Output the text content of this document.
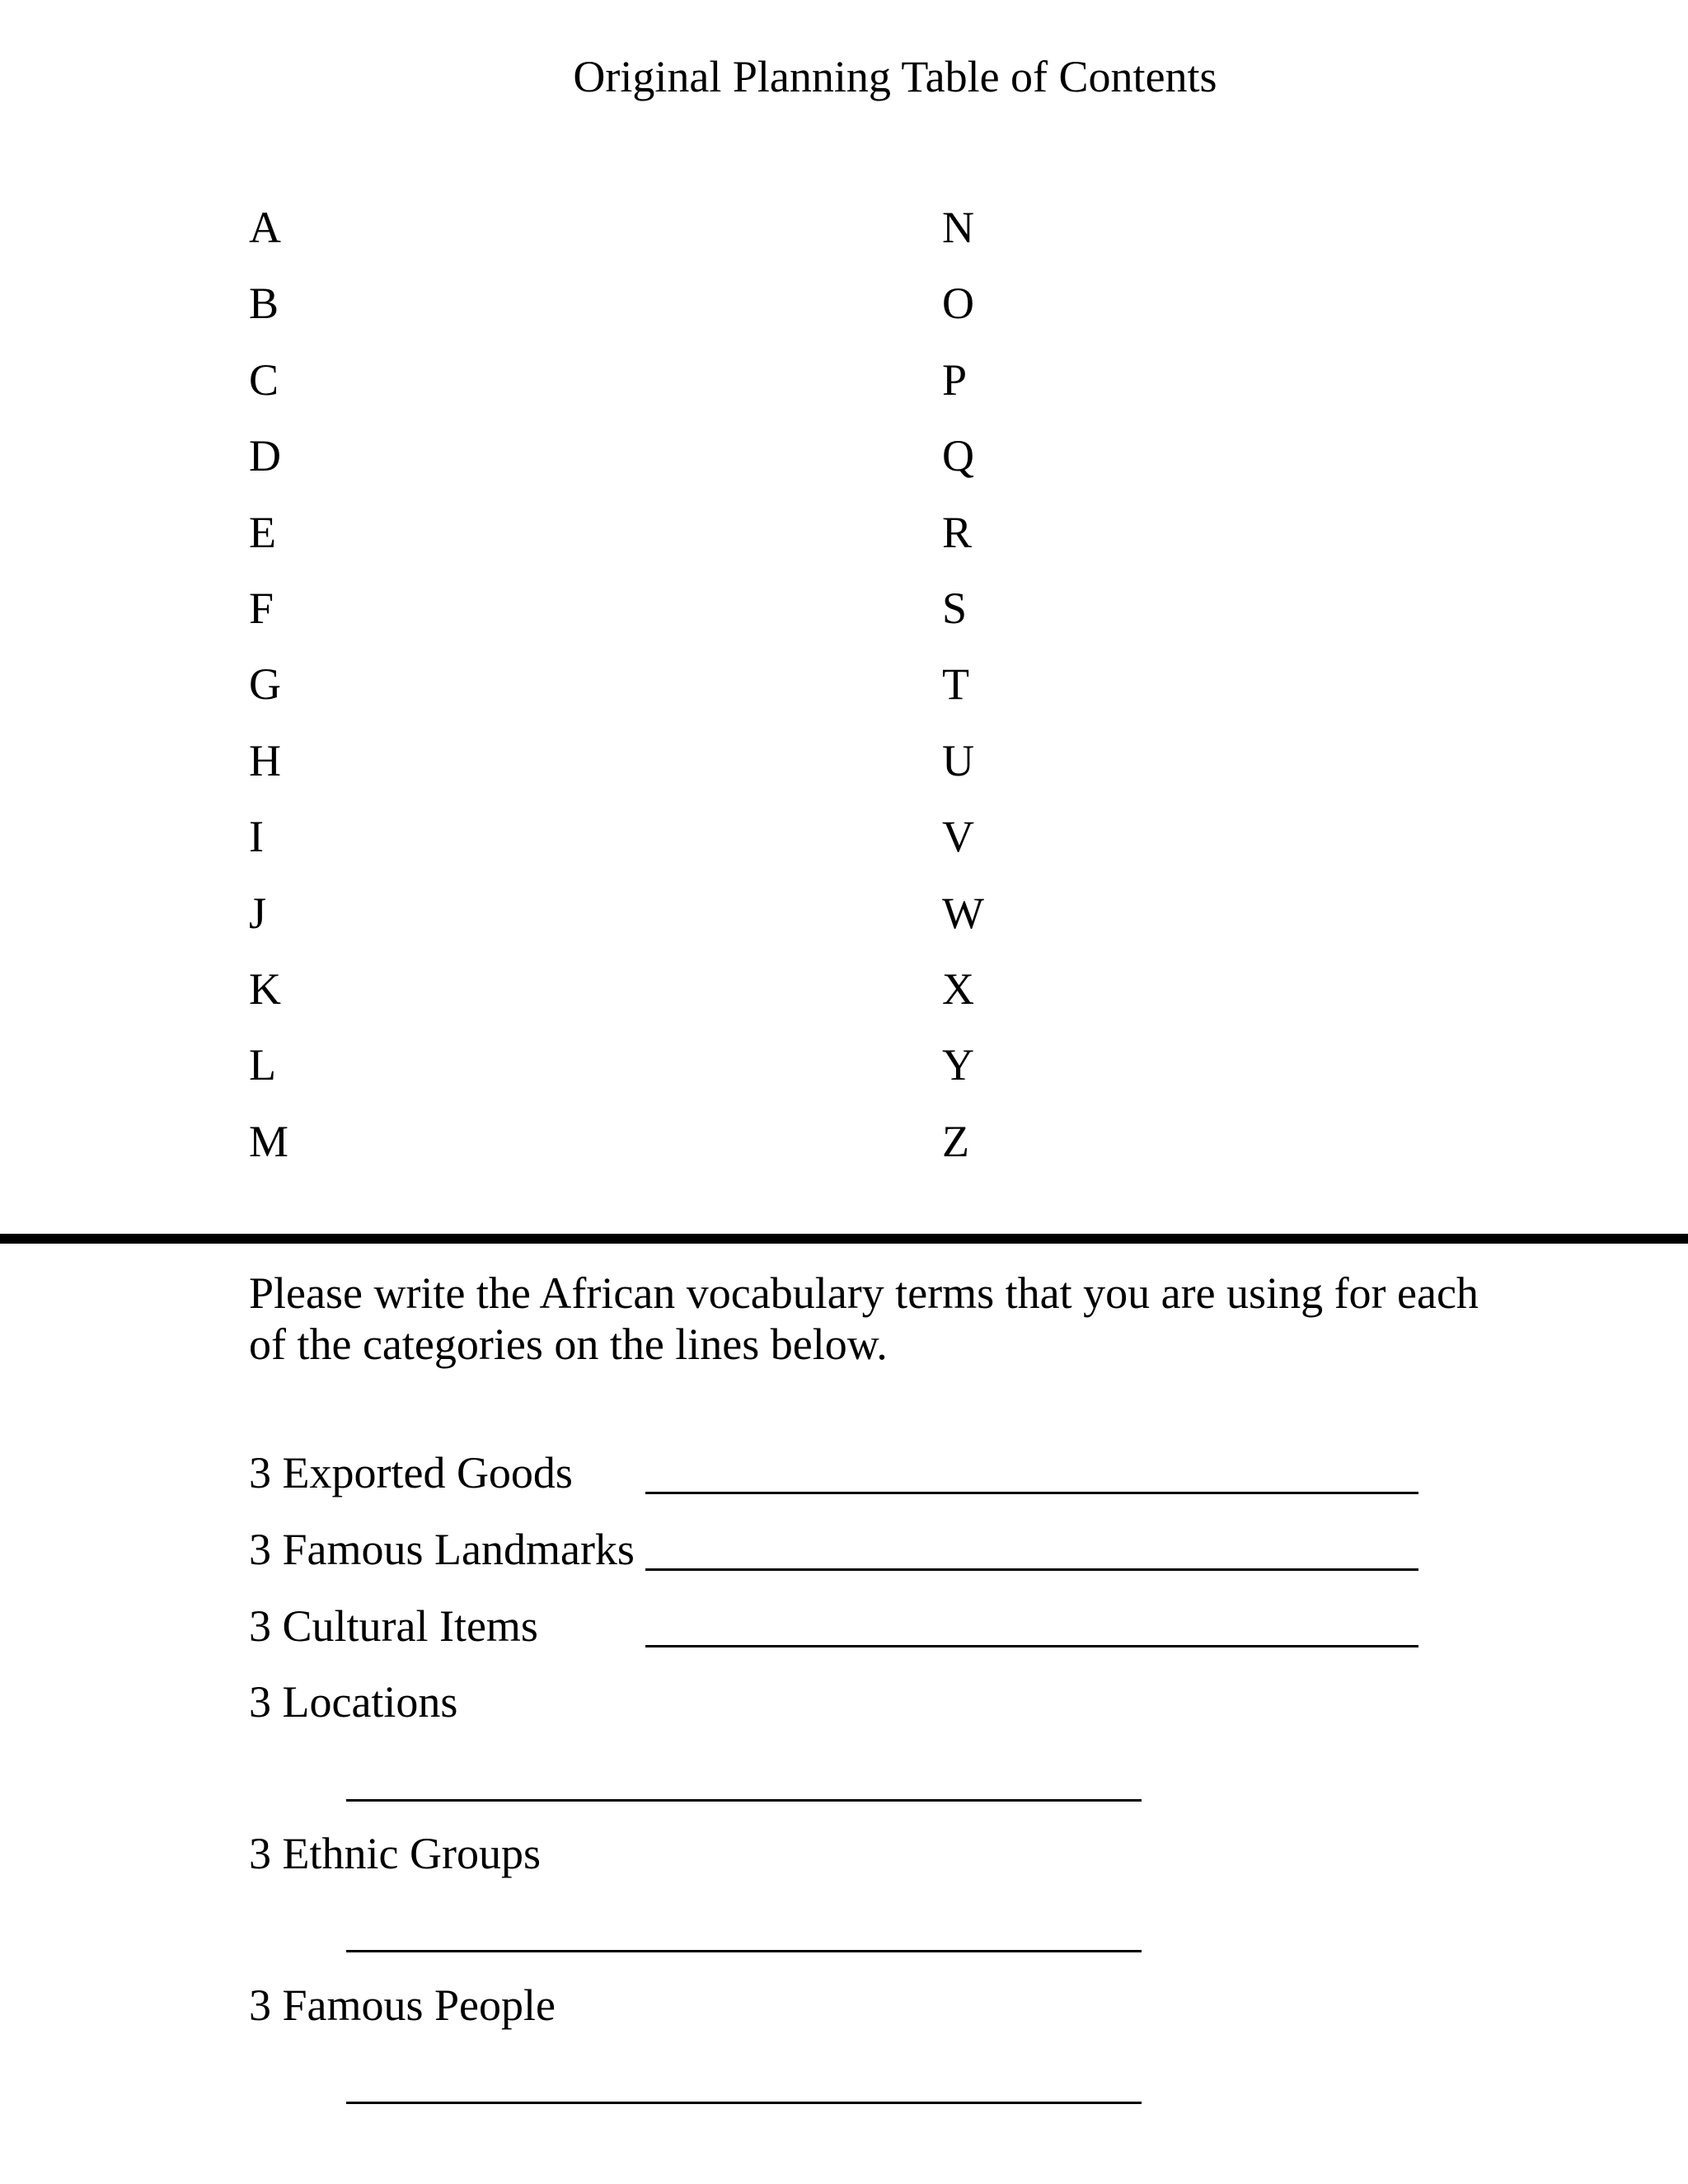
Original Planning Table of Contents
A
B
C
D
E
F
G
H
I
J
K
L
M
N
O
P
Q
R
S
T
U
V
W
X
Y
Z

Please write the African vocabulary terms that you are using for each of the categories on the lines below.

3 Exported Goods
3 Famous Landmarks
3 Cultural Items
3 Locations
3 Ethnic Groups
3 Famous People
